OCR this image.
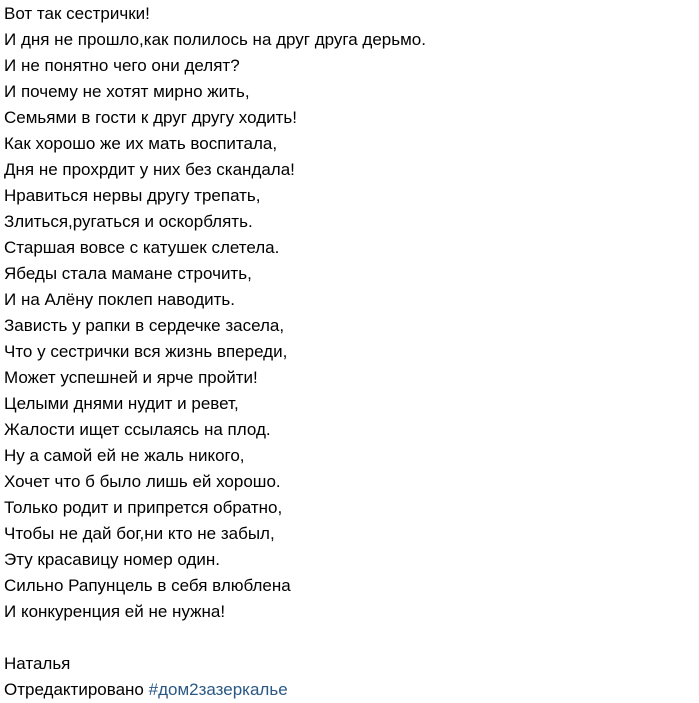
Вот так сестрички!
И дня не прошло,как полилось на друг друга дерьмо.
И не понятно чего они делят?
И почему не хотят мирно жить,
Семьями в гости к друг другу ходить!
Как хорошо же их мать воспитала,
Дня не прохрдит у них без скандала!
Нравиться нервы другу трепать,
Злиться,ругаться и оскорблять.
Старшая вовсе с катушек слетела.
Ябеды стала мамане строчить,
И на Алёну поклеп наводить.
Зависть у рапки в сердечке засела,
Что у сестрички вся жизнь впереди,
Может успешней и ярче пройти!
Целыми днями нудит и ревет,
Жалости ищет ссылаясь на плод.
Ну а самой ей не жаль никого,
Хочет что б было лишь ей хорошо.
Только родит и припрется обратно,
Чтобы не дай бог,ни кто не забыл,
Эту красавицу номер один.
Сильно Рапунцель в себя влюблена
И конкуренция ей не нужна!
Наталья
Отредактировано #дом2зазеркалье
